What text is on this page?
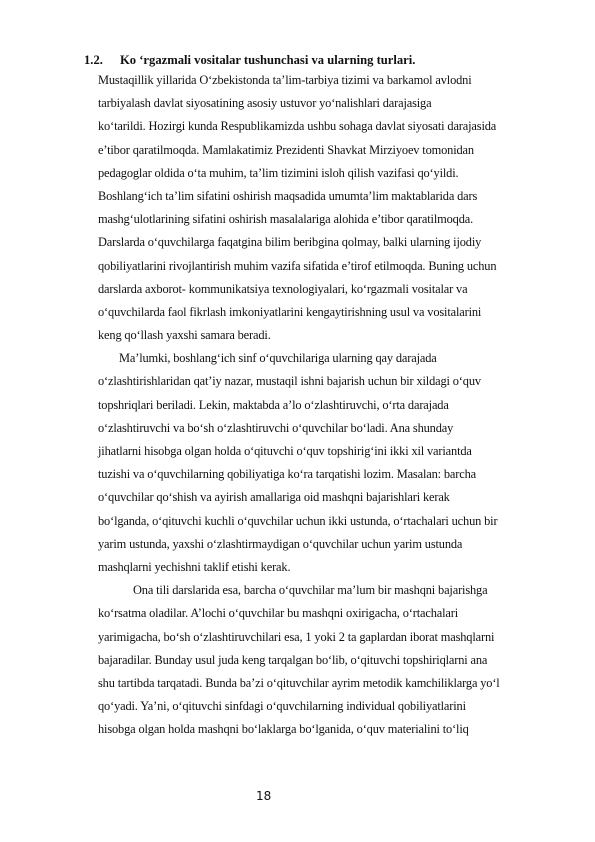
1.2. Ko ‘rgazmali vositalar tushunchasi va ularning turlari.
Mustaqillik yillarida O‘zbekistonda ta’lim-tarbiya tizimi va barkamol avlodni
tarbiyalash davlat siyosatining asosiy ustuvor yo‘nalishlari darajasiga
ko‘tarildi. Hozirgi kunda Respublikamizda ushbu sohaga davlat siyosati darajasida
e’tibor qaratilmoqda. Mamlakatimiz Prezidenti Shavkat Mirziyoev tomonidan
pedagoglar oldida o‘ta muhim, ta’lim tizimini isloh qilish vazifasi qo‘yildi.
Boshlang‘ich ta’lim sifatini oshirish maqsadida umumta’lim maktablarida dars
mashg‘ulotlarining sifatini oshirish masalalariga alohida e’tibor qaratilmoqda.
Darslarda o‘quvchilarga faqatgina bilim beribgina qolmay, balki ularning ijodiy
qobiliyatlarini rivojlantirish muhim vazifa sifatida e’tirof etilmoqda. Buning uchun
darslarda axborot- kommunikatsiya texnologiyalari, ko‘rgazmali vositalar va
o‘quvchilarda faol fikrlash imkoniyatlarini kengaytirishning usul va vositalarini
keng qo‘llash yaxshi samara beradi.
Ma’lumki, boshlang‘ich sinf o‘quvchilariga ularning qay darajada
o‘zlashtirishlaridan qat’iy nazar, mustaqil ishni bajarish uchun bir xildagi o‘quv
topshriqlari beriladi. Lekin, maktabda a’lo o‘zlashtiruvchi, o‘rta darajada
o‘zlashtiruvchi va bo‘sh o‘zlashtiruvchi o‘quvchilar bo‘ladi. Ana shunday
jihatlarni hisobga olgan holda o‘qituvchi o‘quv topshirig‘ini ikki xil variantda
tuzishi va o‘quvchilarning qobiliyatiga ko‘ra tarqatishi lozim. Masalan: barcha
o‘quvchilar qo‘shish va ayirish amallariga oid mashqni bajarishlari kerak
bo‘lganda, o‘qituvchi kuchli o‘quvchilar uchun ikki ustunda, o‘rtachalari uchun bir
yarim ustunda, yaxshi o‘zlashtirmaydigan o‘quvchilar uchun yarim ustunda
mashqlarni yechishni taklif etishi kerak.
Ona tili darslarida esa, barcha o‘quvchilar ma’lum bir mashqni bajarishga
ko‘rsatma oladilar. A’lochi o‘quvchilar bu mashqni oxirigacha, o‘rtachalari
yarimigacha, bo‘sh o‘zlashtiruvchilari esa, 1 yoki 2 ta gaplardan iborat mashqlarni
bajaradilar. Bunday usul juda keng tarqalgan bo‘lib, o‘qituvchi topshiriqlarni ana
shu tartibda tarqatadi. Bunda ba’zi o‘qituvchilar ayrim metodik kamchiliklarga yo‘l
qo‘yadi. Ya’ni, o‘qituvchi sinfdagi o‘quvchilarning individual qobiliyatlarini
hisobga olgan holda mashqni bo‘laklarga bo‘lganida, o‘quv materialini to‘liq
18
